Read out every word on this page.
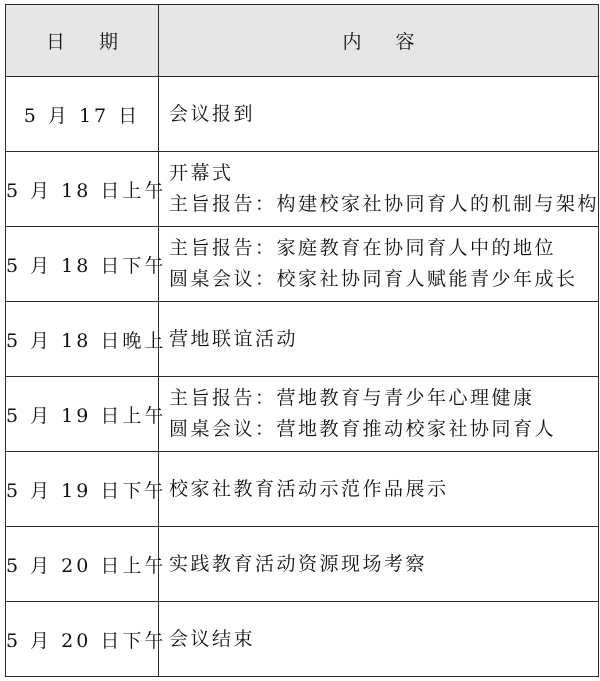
日 期	内 容
5 月 17 日	会议报到

5 月 18 日上午	开幕式
主旨报告：构建校家社协同育人的机制与架构

5 月 18 日下午	主旨报告：家庭教育在协同育人中的地位
圆桌会议：校家社协同育人赋能青少年成长

5 月 18 日晚上	营地联谊活动

5 月 19 日上午	主旨报告：营地教育与青少年心理健康
圆桌会议：营地教育推动校家社协同育人

5 月 19 日下午	校家社教育活动示范作品展示

5 月 20 日上午	实践教育活动资源现场考察

5 月 20 日下午	会议结束
